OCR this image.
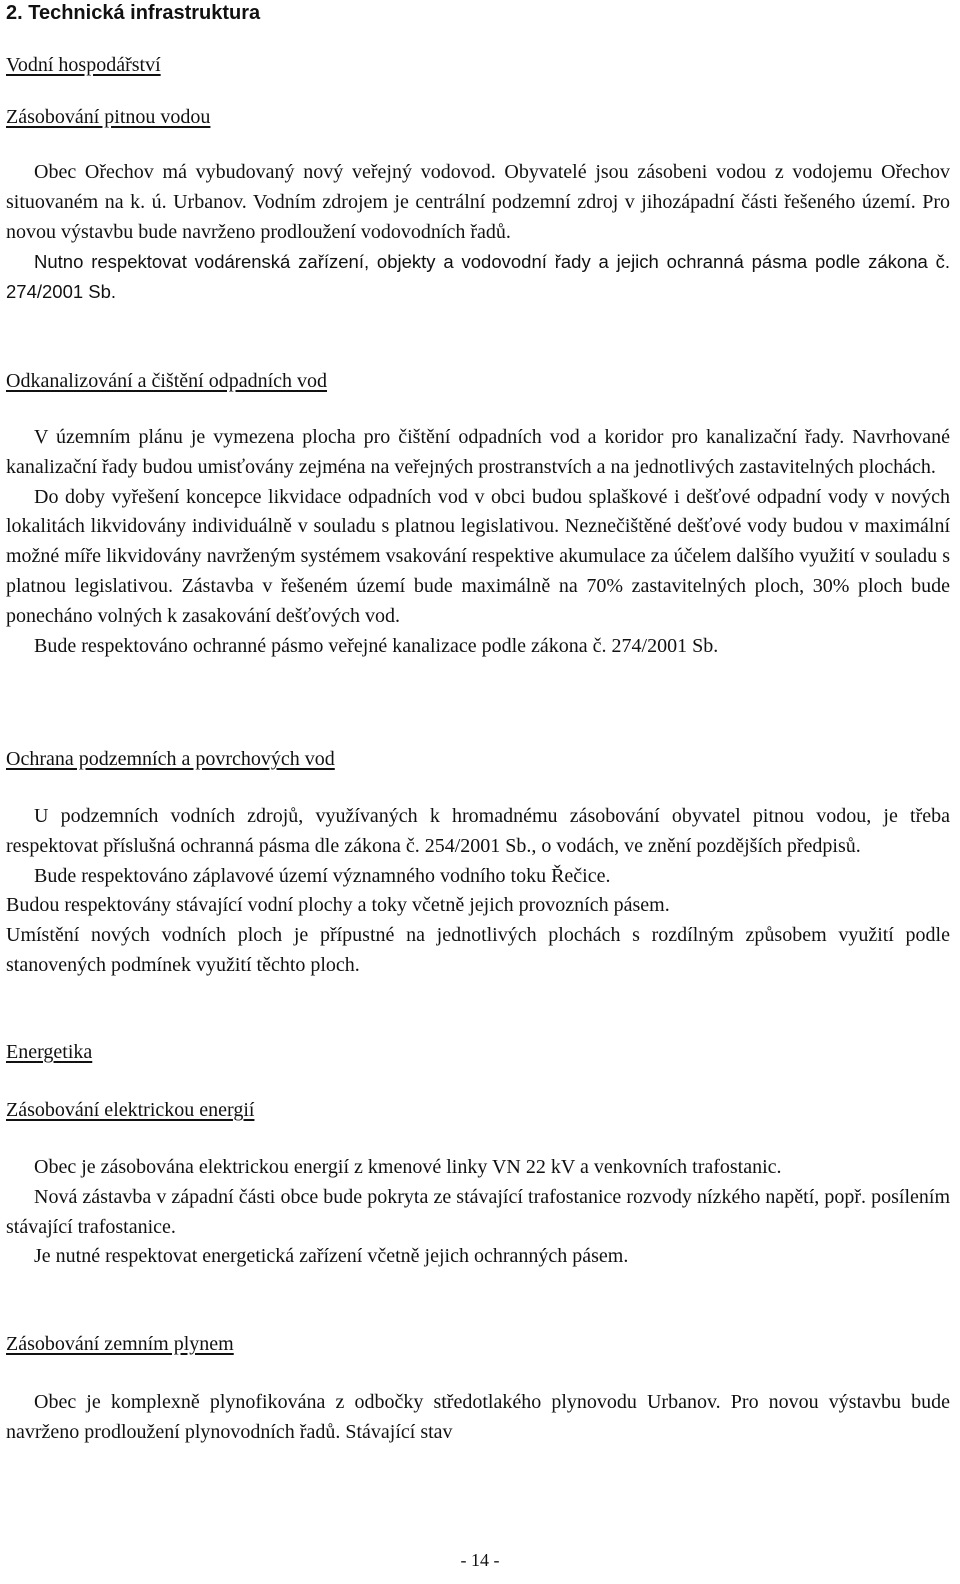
2. Technická infrastruktura
Vodní hospodářství
Zásobování pitnou vodou

Obec Ořechov má vybudovaný nový veřejný vodovod. Obyvatelé jsou zásobeni vodou z vodojemu Ořechov situovaném na k. ú. Urbanov. Vodním zdrojem je centrální podzemní zdroj v jihozápadní části řešeného území. Pro novou výstavbu bude navrženo prodloužení vodovodních řadů.

Nutno respektovat vodárenská zařízení, objekty a vodovodní řady a jejich ochranná pásma podle zákona č. 274/2001 Sb.

Odkanalizování a čištění odpadních vod

V územním plánu je vymezena plocha pro čištění odpadních vod a koridor pro kanalizační řady. Navrhované kanalizační řady budou umisťovány zejména na veřejných prostranstvích a na jednotlivých zastavitelných plochách.

Do doby vyřešení koncepce likvidace odpadních vod v obci budou splaškové i dešťové odpadní vody v nových lokalitách likvidovány individuálně v souladu s platnou legislativou. Neznečištěné dešťové vody budou v maximální možné míře likvidovány navrženým systémem vsakování respektive akumulace za účelem dalšího využití v souladu s platnou legislativou. Zástavba v řešeném území bude maximálně na 70% zastavitelných ploch, 30% ploch bude ponecháno volných k zasakování dešťových vod.

Bude respektováno ochranné pásmo veřejné kanalizace podle zákona č. 274/2001 Sb.

Ochrana podzemních a povrchových vod

U podzemních vodních zdrojů, využívaných k hromadnému zásobování obyvatel pitnou vodou, je třeba respektovat příslušná ochranná pásma dle zákona č. 254/2001 Sb., o vodách, ve znění pozdějších předpisů.

Bude respektováno záplavové území významného vodního toku Řečice.

Budou respektovány stávající vodní plochy a toky včetně jejich provozních pásem.

Umístění nových vodních ploch je přípustné na jednotlivých plochách s rozdílným způsobem využití podle stanovených podmínek využití těchto ploch.

Energetika
Zásobování elektrickou energií

Obec je zásobována elektrickou energií z kmenové linky VN 22 kV a venkovních trafostanic.

Nová zástavba v západní části obce bude pokryta ze stávající trafostanice rozvody nízkého napětí, popř. posílením stávající trafostanice.

Je nutné respektovat energetická zařízení včetně jejich ochranných pásem.

Zásobování zemním plynem

Obec je komplexně plynofikována z odbočky středotlakého plynovodu Urbanov. Pro novou výstavbu bude navrženo prodloužení plynovodních řadů. Stávající stav

- 14 -
